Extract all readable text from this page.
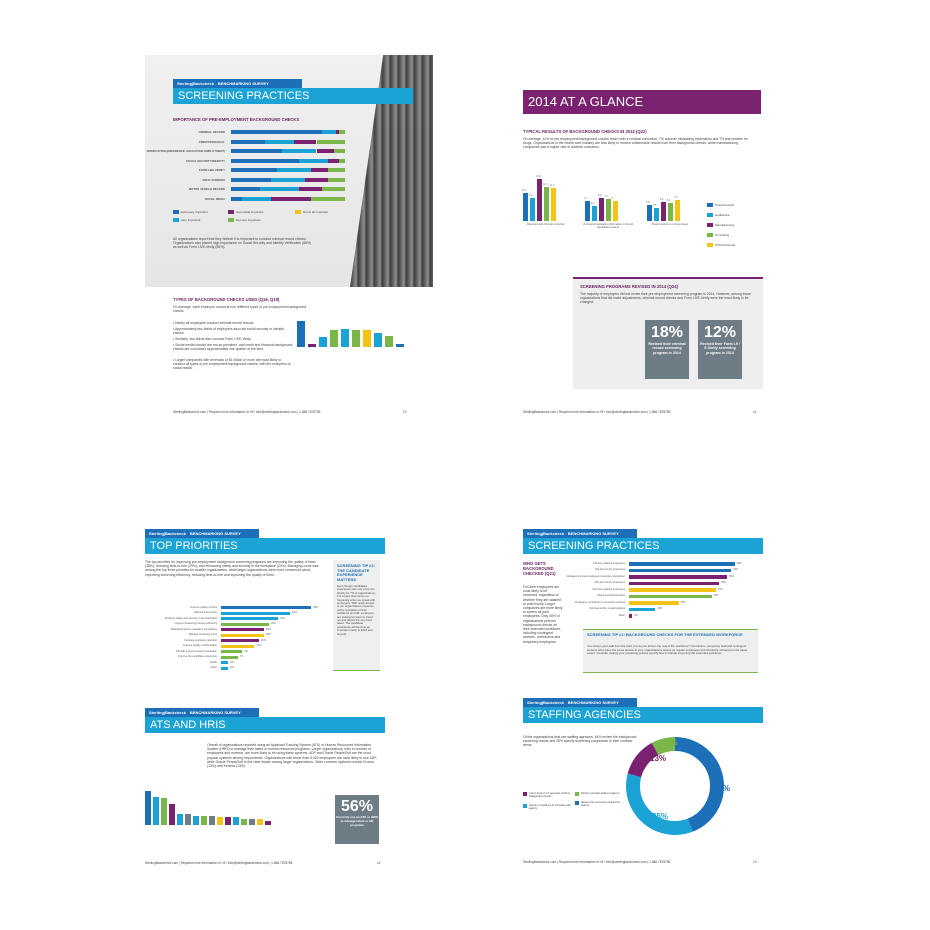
Sterling|Backcheck BENCHMARKING SURVEY
SCREENING PRACTICES
IMPORTANCE OF PRE-EMPLOYMENT BACKGROUND CHECKS
CRIMINAL RECORD
CREDIT/FINANCIAL
VERIFICATION (REFERENCE, EDUCATION, EMPLOYMENT)
SOCIAL SECURITY/IDENTITY
FORM I-9/E-VERIFY
DRUG SCREENS
MOTOR VEHICLE RECORD
SOCIAL MEDIA
Extremely important	Somewhat important	Not at all important
Very important	Not very important
All organizations report that they believe it is important to conduct criminal record checks. Organizations also placed high importance on Social Security and Identity Verification (88%) as well as Form I-9/E-Verify (85%).
TYPES OF BACKGROUND CHECKS USED (Q16, Q19)
On average, each employer conducts four different types of pre-employment background checks.
• Nearly all employers conduct criminal record checks.
• Approximately two-thirds of employers also use social security or identity checks.
• Similarly, two-thirds also conduct Form I-9/E-Verify.
• Social media checks are not as prevalent, and credit and financial background checks are conducted approximately one quarter of the time.
• Larger companies with revenues of $1 billion or more are most likely to conduct all types of pre-employment background checks, with the exception of social media.
SterlingBackcheck.com | Request more information in f 8+ info@sterlingbackcheck.com | 1.866.7678785	10
2014 AT A GLANCE
TYPICAL RESULTS OF BACKGROUND CHECKS IN 2014 (Q22)
On average, 10% of pre-employment background checks return with a criminal conviction, 7% uncover misleading information and 7% test positive for drugs. Organizations in the health care industry are less likely to receive unfavorable results from their background checks, while manufacturing companies saw a higher rate of adverse outcomes.
10.1
8.2
14.8
12.1 11.9
Returned with criminal conviction
7.1
5.3
8.2 7.7
7
Uncovered misleading information in the job candidate's resume
5.8
4.5
6.9 6.4
7.6
Tested positive in a drug screen
Overall results
Healthcare
Manufacturing
Consulting
IT/Professional
SCREENING PROGRAMS REVISED IN 2014 (Q24)
The majority of employers did not revise their pre-employment screening program in 2014. However, among those organizations that did make adjustments, criminal record checks and Form I-9/E-Verify were the most likely to be changed.
18%
Revised their criminal record screening program in 2014
12%
Revised their Form I-9 / E-Verify screening program in 2014
SterlingBackcheck.com | Request more information in f 8+ info@sterlingbackcheck.com | 1.866.7678785	11
Sterling|Backcheck BENCHMARKING SURVEY
TOP PRIORITIES
The top priorities for improving pre-employment background screening programs are improving the quality of hires (38%), reducing time-to-hire (29%), and enhancing safety and security in the workplace (24%). Managing costs was among the top three priorities for smaller organizations, while larger organizations were more concerned about improving screening efficiency, reducing time-to-hire and improving the quality of hires.
Improve quality of hires	38%
Reduce time-to-hire	29%
Enhance safety and security in the workplace	24%
Improve screening process efficiency	20%
Maintain/improve regulatory compliance	18%
Manage screening costs	18%
Increase employee retention	16%
Improve quality of information	14%
Provide a good company reputation	9%
Improve the candidate experience	7%
Inside	3%
Other	3%
SCREENING TIP #2: THE CANDIDATE EXPERIENCE MATTERS
Even though candidates experience was only a top two priority for 7% of organizations, it is a topic that comes up frequently when we speak with employers. With ready access to our organizations expertise, online reputation of their workforce and HR, employers are looking for ways to stand out and attract the very best talent. The candidate experience will become an important metric in 2015 and beyond.
Sterling|Backcheck BENCHMARKING SURVEY
ATS AND HRIS
Overall of organizations reported using an Applicant Tracking System (ATS) or Human Resources Information System (HRIS) to manage their talent or human resources programs. Larger organizations, both in number of employees and revenue, are more likely to be using these systems. ADP and Oracle PeopleSoft are the most popular systems among respondents. Organizations with fewer than 5,000 employees are most likely to use ADP, while Oracle PeopleSoft is the clear leader among larger organizations. Other common systems include Kronos (13%) and Kenexa (13%).
56%
Currently use an ATS or HRIS to manage talent or HR programs
SterlingBackcheck.com | Request more information in f 8+ info@sterlingbackcheck.com | 1.866.7678785	12
Sterling|Backcheck BENCHMARKING SURVEY
SCREENING PRACTICES
WHO GETS BACKGROUND CHECKED (Q21)
Full-time employees are most likely to be screened, regardless of whether they are salaried or paid hourly. Larger companies are more likely to screen all paid employees. Only 45% of organizations perform background checks on their extended workforce, including contingent workers, contractors and temporary employees.
Full-time salaried employees	96%
Full-time hourly employees	93%
Management level employees (executive and above)	89%
Part-time hourly employees	82%
Part-time salaried employees	79%
Board members/trustees	75%
Contingent, contractors or temporary workers	45%
Volunteers/other unpaid workers	24%
Other	3%
SCREENING TIP #1: BACKGROUND CHECKS FOR THE EXTENDED WORKFORCE
You screen your staff from the start, but do you screen the rest of the workforce? Contractors, temporary staff and contingent workers often have the same access to your organization's assets as regular employees and should be screened to the same extent. Consider making your screening policies specify how to handle screening the extended workforce.
Sterling|Backcheck BENCHMARKING SURVEY
STAFFING AGENCIES
Of the organizations that use staffing agencies, 44% review the background screening results and 35% specify screening compliance in their contract terms.
44%
35%
13%
8%
I don't know if our agencies perform background checks
Specify compliance in contracts with agency
Perform periodic audits of agency
Review the screening results from agency
SterlingBackcheck.com | Request more information in f 8+ info@sterlingbackcheck.com | 1.866.7678785	13
